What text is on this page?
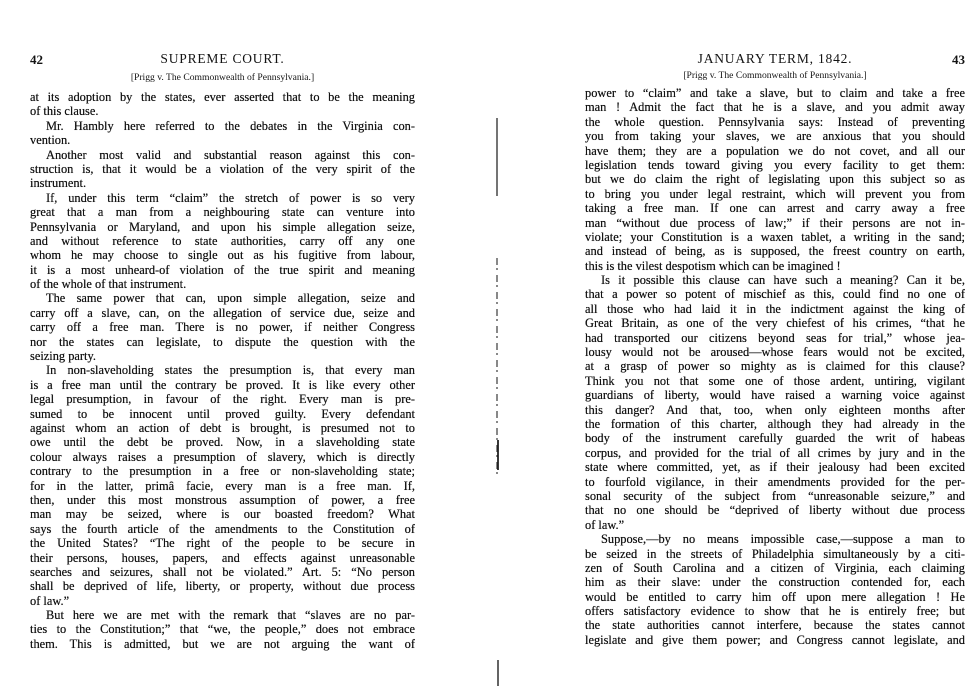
42	SUPREME COURT.
[Prigg v. The Commonwealth of Pennsylvania.]
at its adoption by the states, ever asserted that to be the meaning
of this clause.
Mr. Hambly here referred to the debates in the Virginia con-
vention.
Another most valid and substantial reason against this con-
struction is, that it would be a violation of the very spirit of the
instrument.
If, under this term “claim” the stretch of power is so very
great that a man from a neighbouring state can venture into
Pennsylvania or Maryland, and upon his simple allegation seize,
and without reference to state authorities, carry off any one
whom he may choose to single out as his fugitive from labour,
it is a most unheard-of violation of the true spirit and meaning
of the whole of that instrument.
The same power that can, upon simple allegation, seize and
carry off a slave, can, on the allegation of service due, seize and
carry off a free man. There is no power, if neither Congress
nor the states can legislate, to dispute the question with the
seizing party.
In non-slaveholding states the presumption is, that every man
is a free man until the contrary be proved. It is like every other
legal presumption, in favour of the right. Every man is pre-
sumed to be innocent until proved guilty. Every defendant
against whom an action of debt is brought, is presumed not to
owe until the debt be proved. Now, in a slaveholding state
colour always raises a presumption of slavery, which is directly
contrary to the presumption in a free or non-slaveholding state;
for in the latter, primâ facie, every man is a free man. If,
then, under this most monstrous assumption of power, a free
man may be seized, where is our boasted freedom? What
says the fourth article of the amendments to the Constitution of
the United States? “The right of the people to be secure in
their persons, houses, papers, and effects against unreasonable
searches and seizures, shall not be violated.” Art. 5: “No person
shall be deprived of life, liberty, or property, without due process
of law.”
But here we are met with the remark that “slaves are no par-
ties to the Constitution;” that “we, the people,” does not embrace
them. This is admitted, but we are not arguing the want of
JANUARY TERM, 1842.	43
[Prigg v. The Commonwealth of Pennsylvania.]
power to “claim” and take a slave, but to claim and take a free
man ! Admit the fact that he is a slave, and you admit away
the whole question. Pennsylvania says: Instead of preventing
you from taking your slaves, we are anxious that you should
have them; they are a population we do not covet, and all our
legislation tends toward giving you every facility to get them:
but we do claim the right of legislating upon this subject so as
to bring you under legal restraint, which will prevent you from
taking a free man. If one can arrest and carry away a free
man “without due process of law;” if their persons are not in-
violate; your Constitution is a waxen tablet, a writing in the sand;
and instead of being, as is supposed, the freest country on earth,
this is the vilest despotism which can be imagined !
Is it possible this clause can have such a meaning? Can it be,
that a power so potent of mischief as this, could find no one of
all those who had laid it in the indictment against the king of
Great Britain, as one of the very chiefest of his crimes, “that he
had transported our citizens beyond seas for trial,” whose jea-
lousy would not be aroused—whose fears would not be excited,
at a grasp of power so mighty as is claimed for this clause?
Think you not that some one of those ardent, untiring, vigilant
guardians of liberty, would have raised a warning voice against
this danger? And that, too, when only eighteen months after
the formation of this charter, although they had already in the
body of the instrument carefully guarded the writ of habeas
corpus, and provided for the trial of all crimes by jury and in the
state where committed, yet, as if their jealousy had been excited
to fourfold vigilance, in their amendments provided for the per-
sonal security of the subject from “unreasonable seizure,” and
that no one should be “deprived of liberty without due process
of law.”
Suppose,—by no means impossible case,—suppose a man to
be seized in the streets of Philadelphia simultaneously by a citi-
zen of South Carolina and a citizen of Virginia, each claiming
him as their slave: under the construction contended for, each
would be entitled to carry him off upon mere allegation ! He
offers satisfactory evidence to show that he is entirely free; but
the state authorities cannot interfere, because the states cannot
legislate and give them power; and Congress cannot legislate, and
